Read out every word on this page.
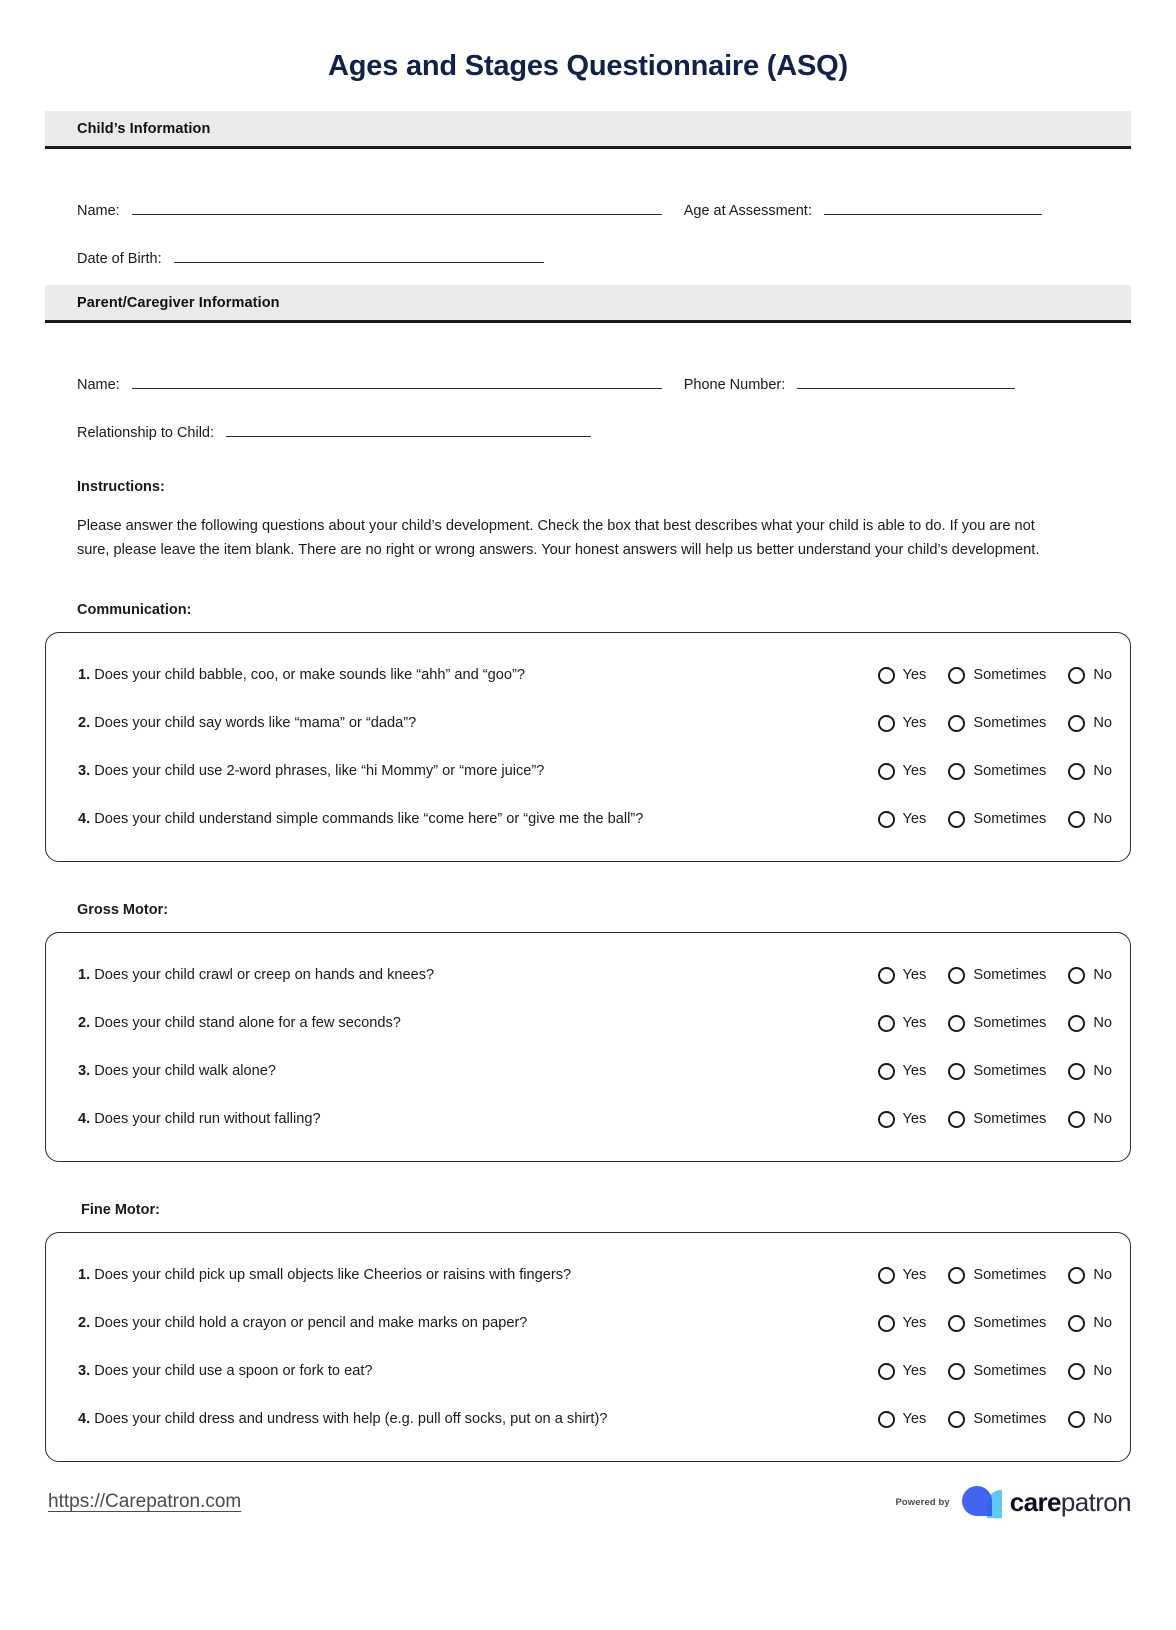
Ages and Stages Questionnaire (ASQ)
Child’s Information
Name:	Age at Assessment:
Date of Birth:
Parent/Caregiver Information
Name:	Phone Number:
Relationship to Child:
Instructions:
Please answer the following questions about your child’s development. Check the box that best describes what your child is able to do. If you are not sure, please leave the item blank. There are no right or wrong answers. Your honest answers will help us better understand your child’s development.
Communication:
1. Does your child babble, coo, or make sounds like “ahh” and “goo”?	Yes	Sometimes	No
2. Does your child say words like “mama” or “dada”?	Yes	Sometimes	No
3. Does your child use 2-word phrases, like “hi Mommy” or “more juice”?	Yes	Sometimes	No
4. Does your child understand simple commands like “come here” or “give me the ball”?	Yes	Sometimes	No
Gross Motor:
1. Does your child crawl or creep on hands and knees?	Yes	Sometimes	No
2. Does your child stand alone for a few seconds?	Yes	Sometimes	No
3. Does your child walk alone?	Yes	Sometimes	No
4. Does your child run without falling?	Yes	Sometimes	No
Fine Motor:
1. Does your child pick up small objects like Cheerios or raisins with fingers?	Yes	Sometimes	No
2. Does your child hold a crayon or pencil and make marks on paper?	Yes	Sometimes	No
3. Does your child use a spoon or fork to eat?	Yes	Sometimes	No
4. Does your child dress and undress with help (e.g. pull off socks, put on a shirt)?	Yes	Sometimes	No
https://Carepatron.com	Powered by carepatron
